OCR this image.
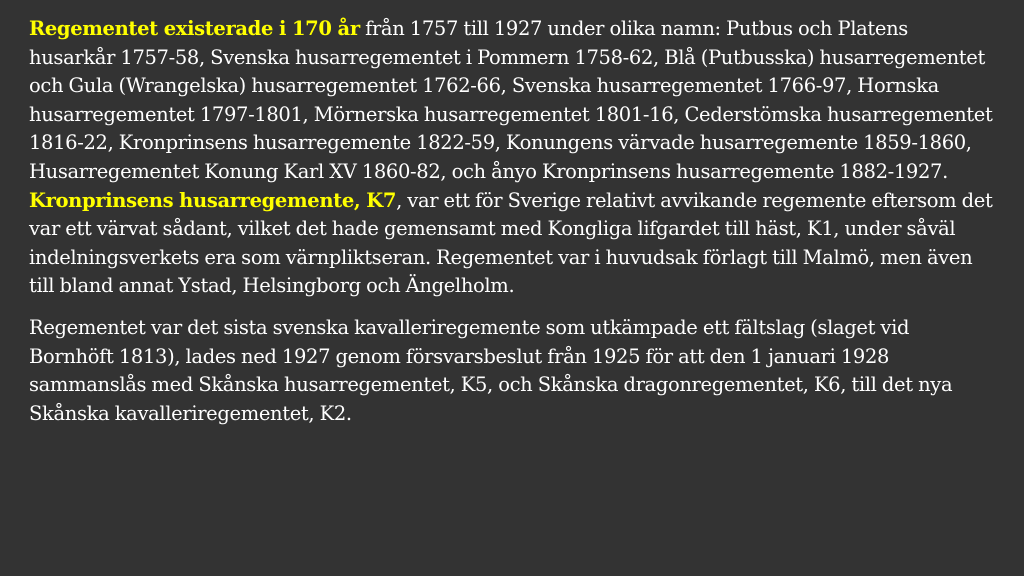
Regementet existerade i 170 år från 1757 till 1927 under olika namn: Putbus och Platens husarkår 1757-58, Svenska husarregementet i Pommern 1758-62, Blå (Putbusska) husarregementet och Gula (Wrangelska) husarregementet 1762-66, Svenska husarregementet 1766-97, Hornska husarregementet 1797-1801, Mörnerska husarregementet 1801-16, Cederstömska husarregementet 1816-22, Kronprinsens husarregemente 1822-59, Konungens värvade husarregemente 1859-1860, Husarregementet Konung Karl XV 1860-82, och ånyo Kronprinsens husarregemente 1882-1927.

Kronprinsens husarregemente, K7, var ett för Sverige relativt avvikande regemente eftersom det var ett värvat sådant, vilket det hade gemensamt med Kongliga lifgardet till häst, K1, under såväl indelningsverkets era som värnpliktseran. Regementet var i huvudsak förlagt till Malmö, men även till bland annat Ystad, Helsingborg och Ängelholm.

Regementet var det sista svenska kavalleriregemente som utkämpade ett fältslag (slaget vid Bornhöft 1813), lades ned 1927 genom försvarsbeslut från 1925 för att den 1 januari 1928 sammanslås med Skånska husarregementet, K5, och Skånska dragonregementet, K6, till det nya Skånska kavalleriregementet, K2.
